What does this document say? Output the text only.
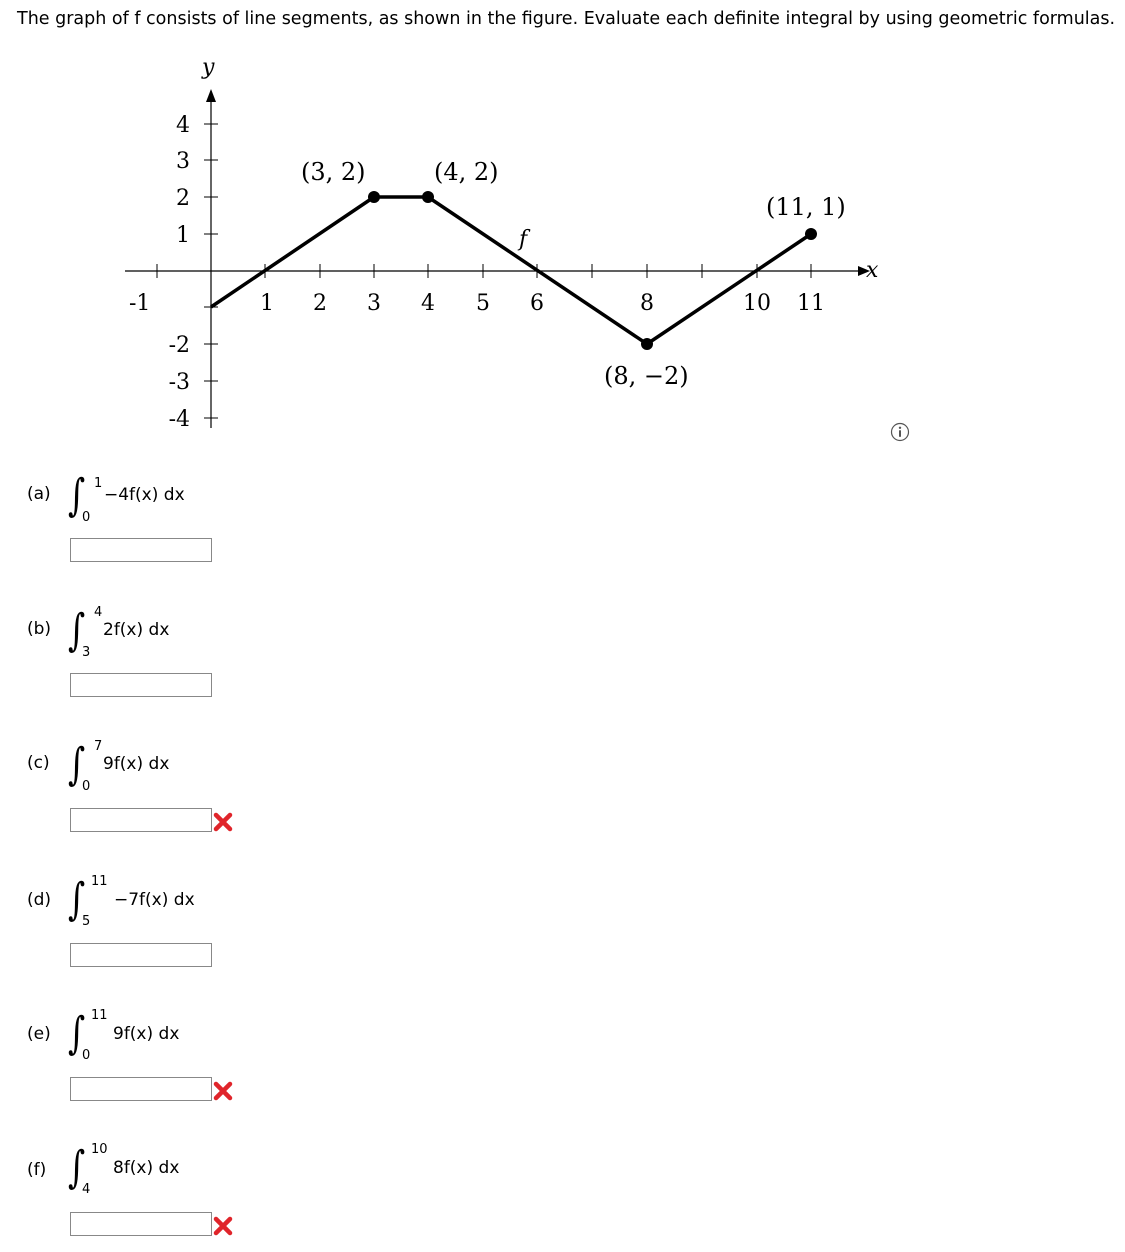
The graph of f consists of line segments, as shown in the figure. Evaluate each definite integral by using geometric formulas.
x
y
-1	1 2 3 4 5 6	8	10 11
4
3
2
1
-2
-3
-4
f
(3, 2)	(4, 2)
(8, −2)
(11, 1)
(a) ∫ 1
0
−4f(x) dx
(b) ∫ 4
3
2f(x) dx
(c) ∫ 7
0
9f(x) dx
(d) ∫ 11
5
−7f(x) dx
(e) ∫ 11
0
9f(x) dx
(f) ∫ 10
4
8f(x) dx
